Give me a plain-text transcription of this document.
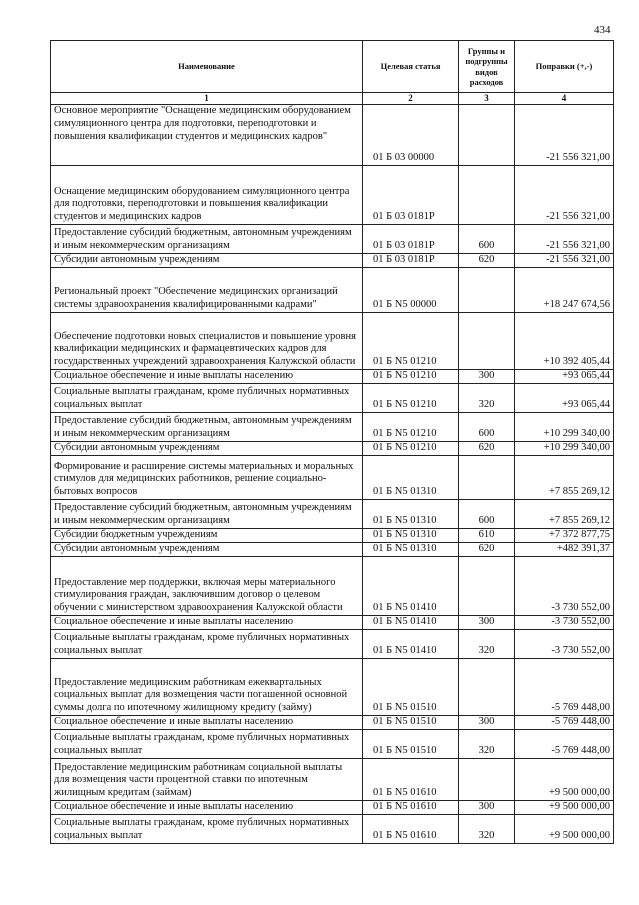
434
Наименование	Целевая статья	Группы и подгруппы видов расходов	Поправки (+,-)
1	2	3	4
Основное мероприятие "Оснащение медицинским оборудованием симуляционного центра для подготовки, переподготовки и повышения квалификации студентов и медицинских кадров"	01 Б 03 00000		-21 556 321,00
Оснащение медицинским оборудованием симуляционного центра для подготовки, переподготовки и повышения квалификации студентов и медицинских кадров	01 Б 03 0181Р		-21 556 321,00
Предоставление субсидий бюджетным, автономным учреждениям и иным некоммерческим организациям	01 Б 03 0181Р	600	-21 556 321,00
Субсидии автономным учреждениям	01 Б 03 0181Р	620	-21 556 321,00
Региональный проект "Обеспечение медицинских организаций системы здравоохранения квалифицированными кадрами"	01 Б N5 00000		+18 247 674,56
Обеспечение подготовки новых специалистов и повышение уровня квалификации медицинских и фармацевтических кадров для государственных учреждений здравоохранения Калужской области	01 Б N5 01210		+10 392 405,44
Социальное обеспечение и иные выплаты населению	01 Б N5 01210	300	+93 065,44
Социальные выплаты гражданам, кроме публичных нормативных социальных выплат	01 Б N5 01210	320	+93 065,44
Предоставление субсидий бюджетным, автономным учреждениям и иным некоммерческим организациям	01 Б N5 01210	600	+10 299 340,00
Субсидии автономным учреждениям	01 Б N5 01210	620	+10 299 340,00
Формирование и расширение системы материальных и моральных стимулов для медицинских работников, решение социально-бытовых вопросов	01 Б N5 01310		+7 855 269,12
Предоставление субсидий бюджетным, автономным учреждениям и иным некоммерческим организациям	01 Б N5 01310	600	+7 855 269,12
Субсидии бюджетным учреждениям	01 Б N5 01310	610	+7 372 877,75
Субсидии автономным учреждениям	01 Б N5 01310	620	+482 391,37
Предоставление мер поддержки, включая меры материального стимулирования граждан, заключившим договор о целевом обучении с министерством здравоохранения Калужской области	01 Б N5 01410		-3 730 552,00
Социальное обеспечение и иные выплаты населению	01 Б N5 01410	300	-3 730 552,00
Социальные выплаты гражданам, кроме публичных нормативных социальных выплат	01 Б N5 01410	320	-3 730 552,00
Предоставление медицинским работникам ежеквартальных социальных выплат для возмещения части погашенной основной суммы долга по ипотечному жилищному кредиту (займу)	01 Б N5 01510		-5 769 448,00
Социальное обеспечение и иные выплаты населению	01 Б N5 01510	300	-5 769 448,00
Социальные выплаты гражданам, кроме публичных нормативных социальных выплат	01 Б N5 01510	320	-5 769 448,00
Предоставление медицинским работникам социальной выплаты для возмещения части процентной ставки по ипотечным жилищным кредитам (займам)	01 Б N5 01610		+9 500 000,00
Социальное обеспечение и иные выплаты населению	01 Б N5 01610	300	+9 500 000,00
Социальные выплаты гражданам, кроме публичных нормативных социальных выплат	01 Б N5 01610	320	+9 500 000,00
